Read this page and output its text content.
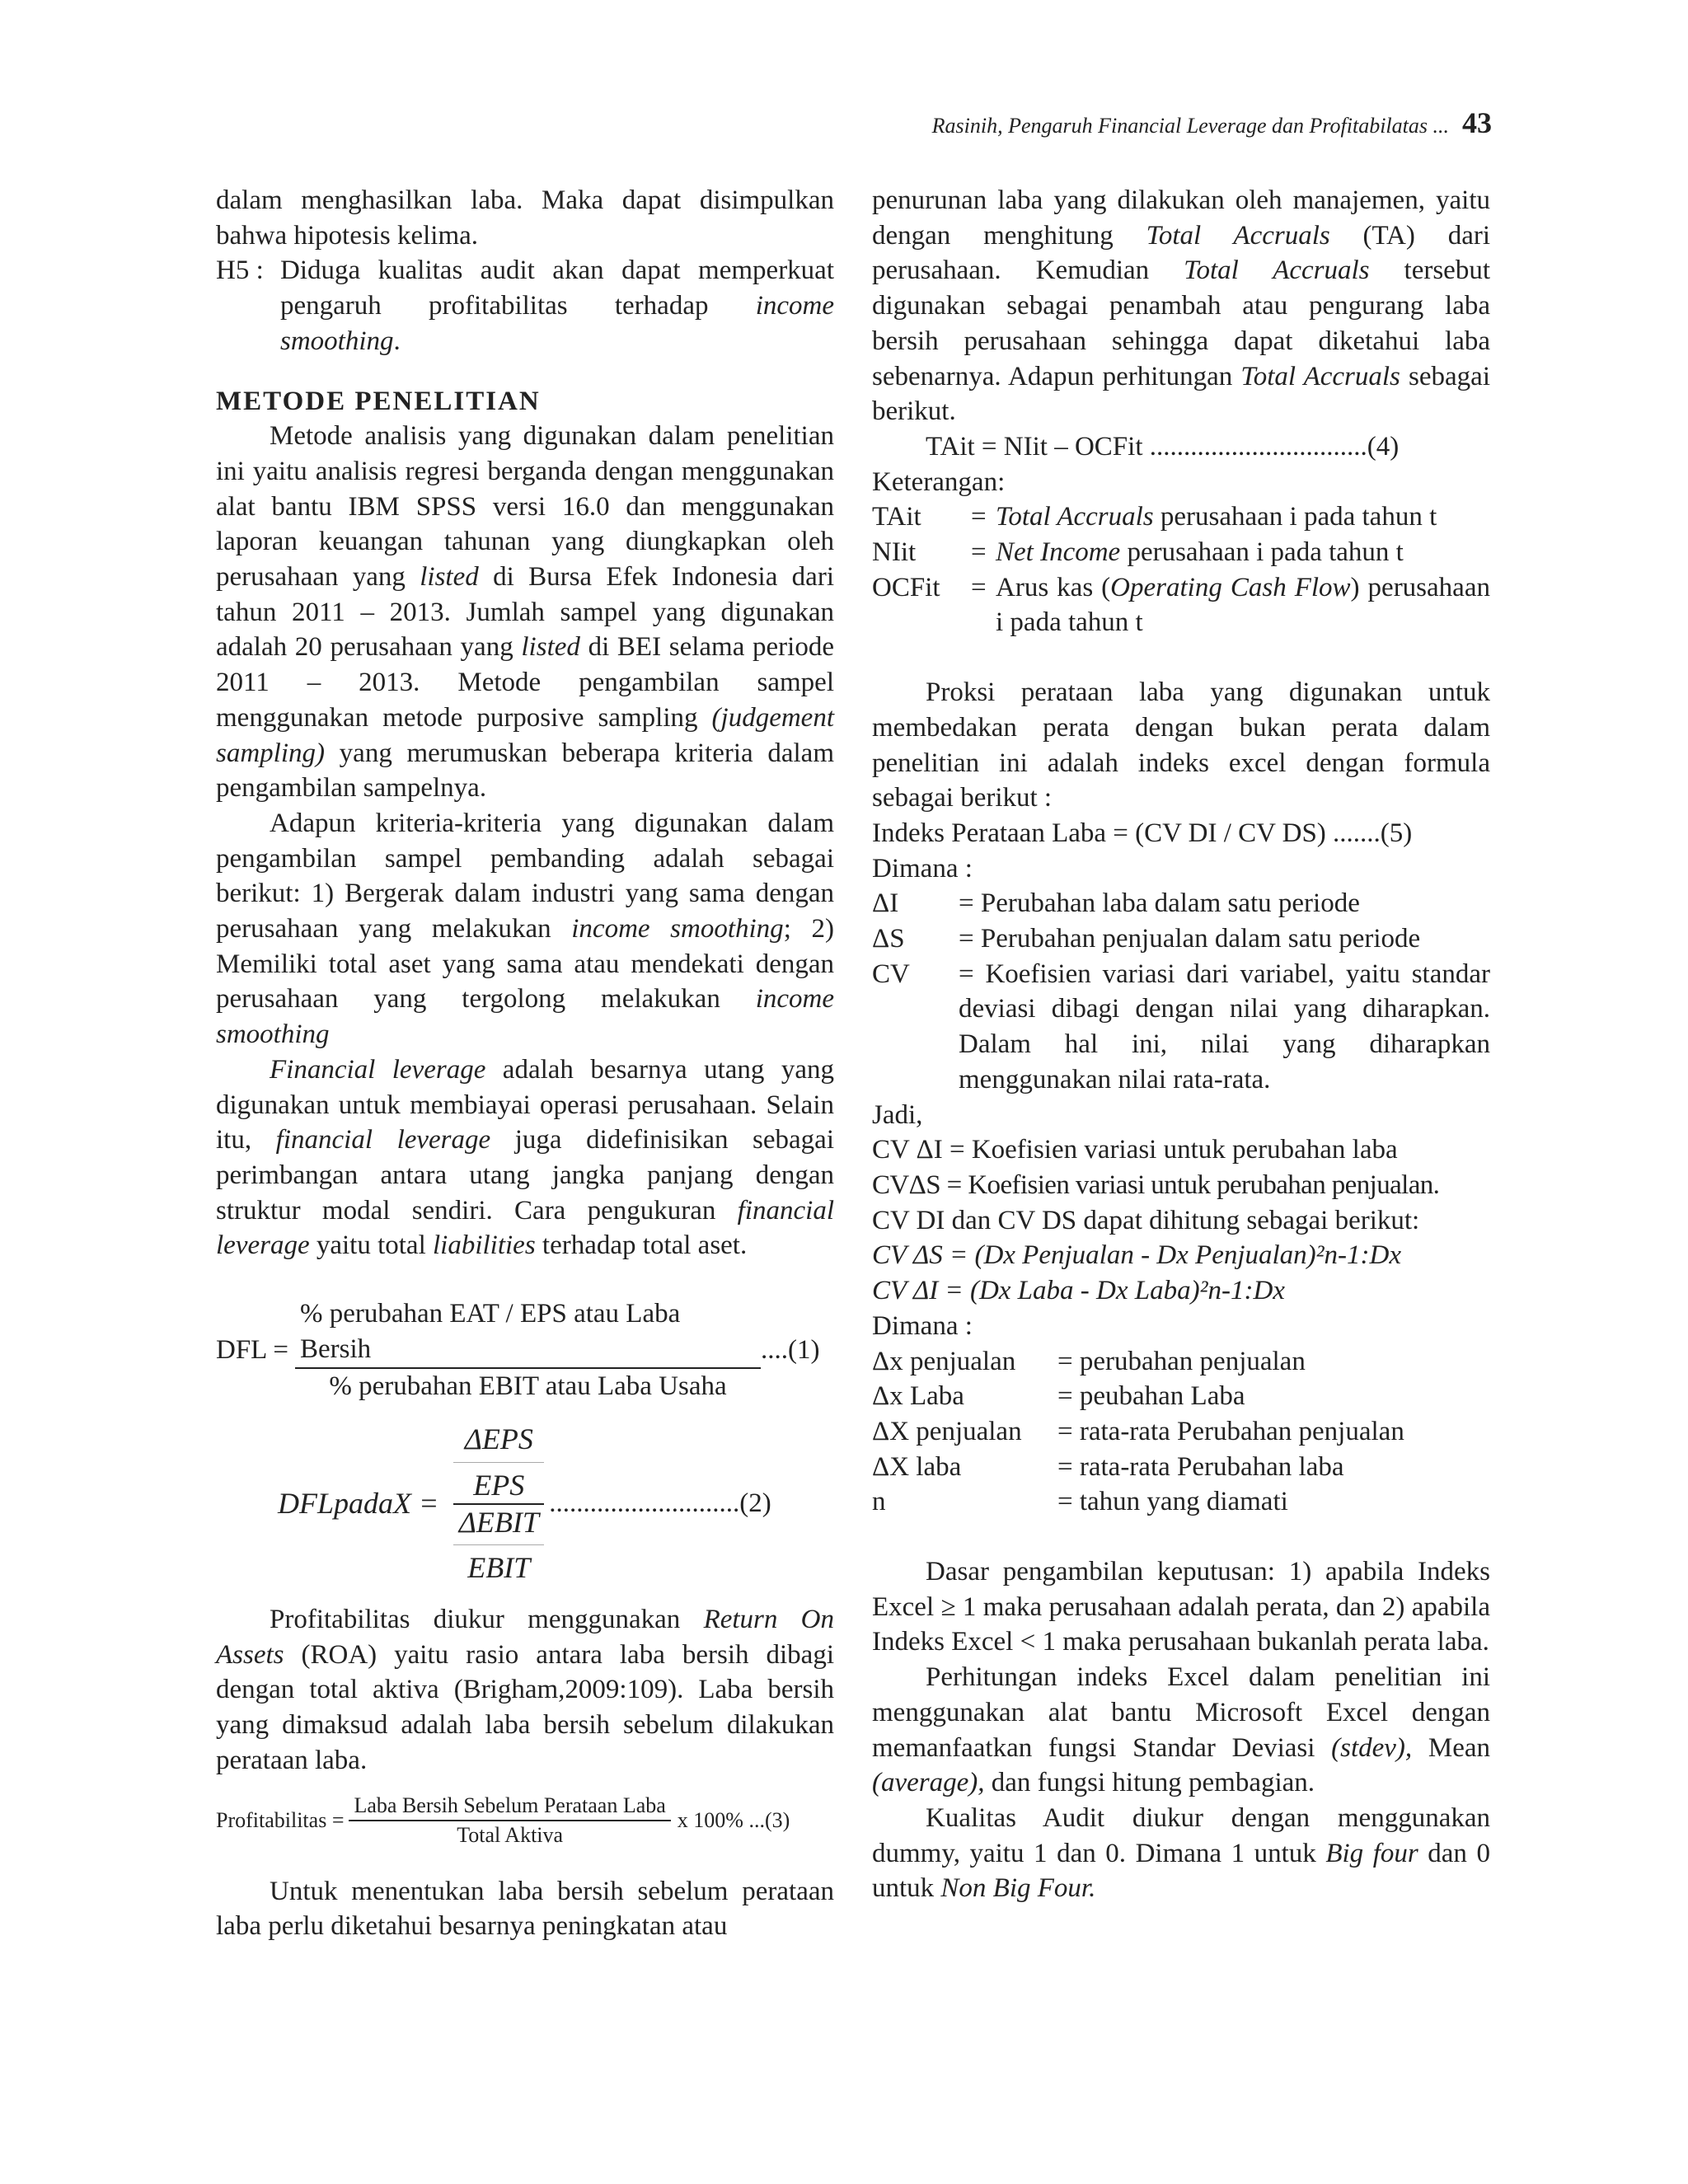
Rasinih, Pengaruh Financial Leverage dan Profitabilatas ... 43

dalam menghasilkan laba. Maka dapat disimpulkan bahwa hipotesis kelima.

H5 : Diduga kualitas audit akan dapat memperkuat pengaruh profitabilitas terhadap income smoothing.
METODE PENELITIAN

Metode analisis yang digunakan dalam penelitian ini yaitu analisis regresi berganda dengan menggunakan alat bantu IBM SPSS versi 16.0 dan menggunakan laporan keuangan tahunan yang diungkapkan oleh perusahaan yang listed di Bursa Efek Indonesia dari tahun 2011 – 2013. Jumlah sampel yang digunakan adalah 20 perusahaan yang listed di BEI selama periode 2011 – 2013. Metode pengambilan sampel menggunakan metode purposive sampling (judgement sampling) yang merumuskan beberapa kriteria dalam pengambilan sampelnya.

Adapun kriteria-kriteria yang digunakan dalam pengambilan sampel pembanding adalah sebagai berikut: 1) Bergerak dalam industri yang sama dengan perusahaan yang melakukan income smoothing; 2) Memiliki total aset yang sama atau mendekati dengan perusahaan yang tergolong melakukan income smoothing

Financial leverage adalah besarnya utang yang digunakan untuk membiayai operasi perusahaan. Selain itu, financial leverage juga didefinisikan sebagai perimbangan antara utang jangka panjang dengan struktur modal sendiri. Cara pengukuran financial leverage yaitu total liabilities terhadap total aset.

DFL = $\frac{\text{\% perubahan EAT / EPS atau Laba Bersih}}{\text{\% perubahan EBIT atau Laba Usaha}} ....(1)$
DFLpadaX =
ΔEPS
EPS
ΔEBIT
EBIT
............................(2)

Profitabilitas diukur menggunakan Return On Assets (ROA) yaitu rasio antara laba bersih dibagi dengan total aktiva (Brigham,2009:109). Laba bersih yang dimaksud adalah laba bersih sebelum dilakukan perataan laba.

Profitabilitas = $\frac{\text{Laba Bersih Sebelum Perataan Laba}}{\text{Total Aktiva}}$ x 100% ...(3)

Untuk menentukan laba bersih sebelum perataan laba perlu diketahui besarnya peningkatan atau

penurunan laba yang dilakukan oleh manajemen, yaitu dengan menghitung Total Accruals (TA) dari perusahaan. Kemudian Total Accruals tersebut digunakan sebagai penambah atau pengurang laba bersih perusahaan sehingga dapat diketahui laba sebenarnya. Adapun perhitungan Total Accruals sebagai berikut.

TAit = NIit – OCFit ................................(4)
Keterangan:
TAit	= Total Accruals perusahaan i pada tahun t
NIit	= Net Income perusahaan i pada tahun t
OCFit	= Arus kas (Operating Cash Flow) perusahaan i pada tahun t

Proksi perataan laba yang digunakan untuk membedakan perata dengan bukan perata dalam penelitian ini adalah indeks excel dengan formula sebagai berikut :

Indeks Perataan Laba = (CV DI / CV DS) .......(5)
Dimana :
ΔI	= Perubahan laba dalam satu periode
ΔS	= Perubahan penjualan dalam satu periode
CV	= Koefisien variasi dari variabel, yaitu standar deviasi dibagi dengan nilai yang diharapkan. Dalam hal ini, nilai yang diharapkan menggunakan nilai rata-rata.
Jadi,
CV ΔI = Koefisien variasi untuk perubahan laba
CVΔS = Koefisien variasi untuk perubahan penjualan.
CV DI dan CV DS dapat dihitung sebagai berikut:
CV ΔS = (Dx Penjualan - Dx Penjualan)²n-1:Dx
CV ΔI = (Dx Laba - Dx Laba)²n-1:Dx
Dimana :
Δx penjualan	= perubahan penjualan
Δx Laba	= peubahan Laba
ΔX penjualan	= rata-rata Perubahan penjualan
ΔX laba	= rata-rata Perubahan laba
n	= tahun yang diamati

Dasar pengambilan keputusan: 1) apabila Indeks Excel ≥ 1 maka perusahaan adalah perata, dan 2) apabila Indeks Excel < 1 maka perusahaan bukanlah perata laba.

Perhitungan indeks Excel dalam penelitian ini menggunakan alat bantu Microsoft Excel dengan memanfaatkan fungsi Standar Deviasi (stdev), Mean (average), dan fungsi hitung pembagian.

Kualitas Audit diukur dengan menggunakan dummy, yaitu 1 dan 0. Dimana 1 untuk Big four dan 0 untuk Non Big Four.
